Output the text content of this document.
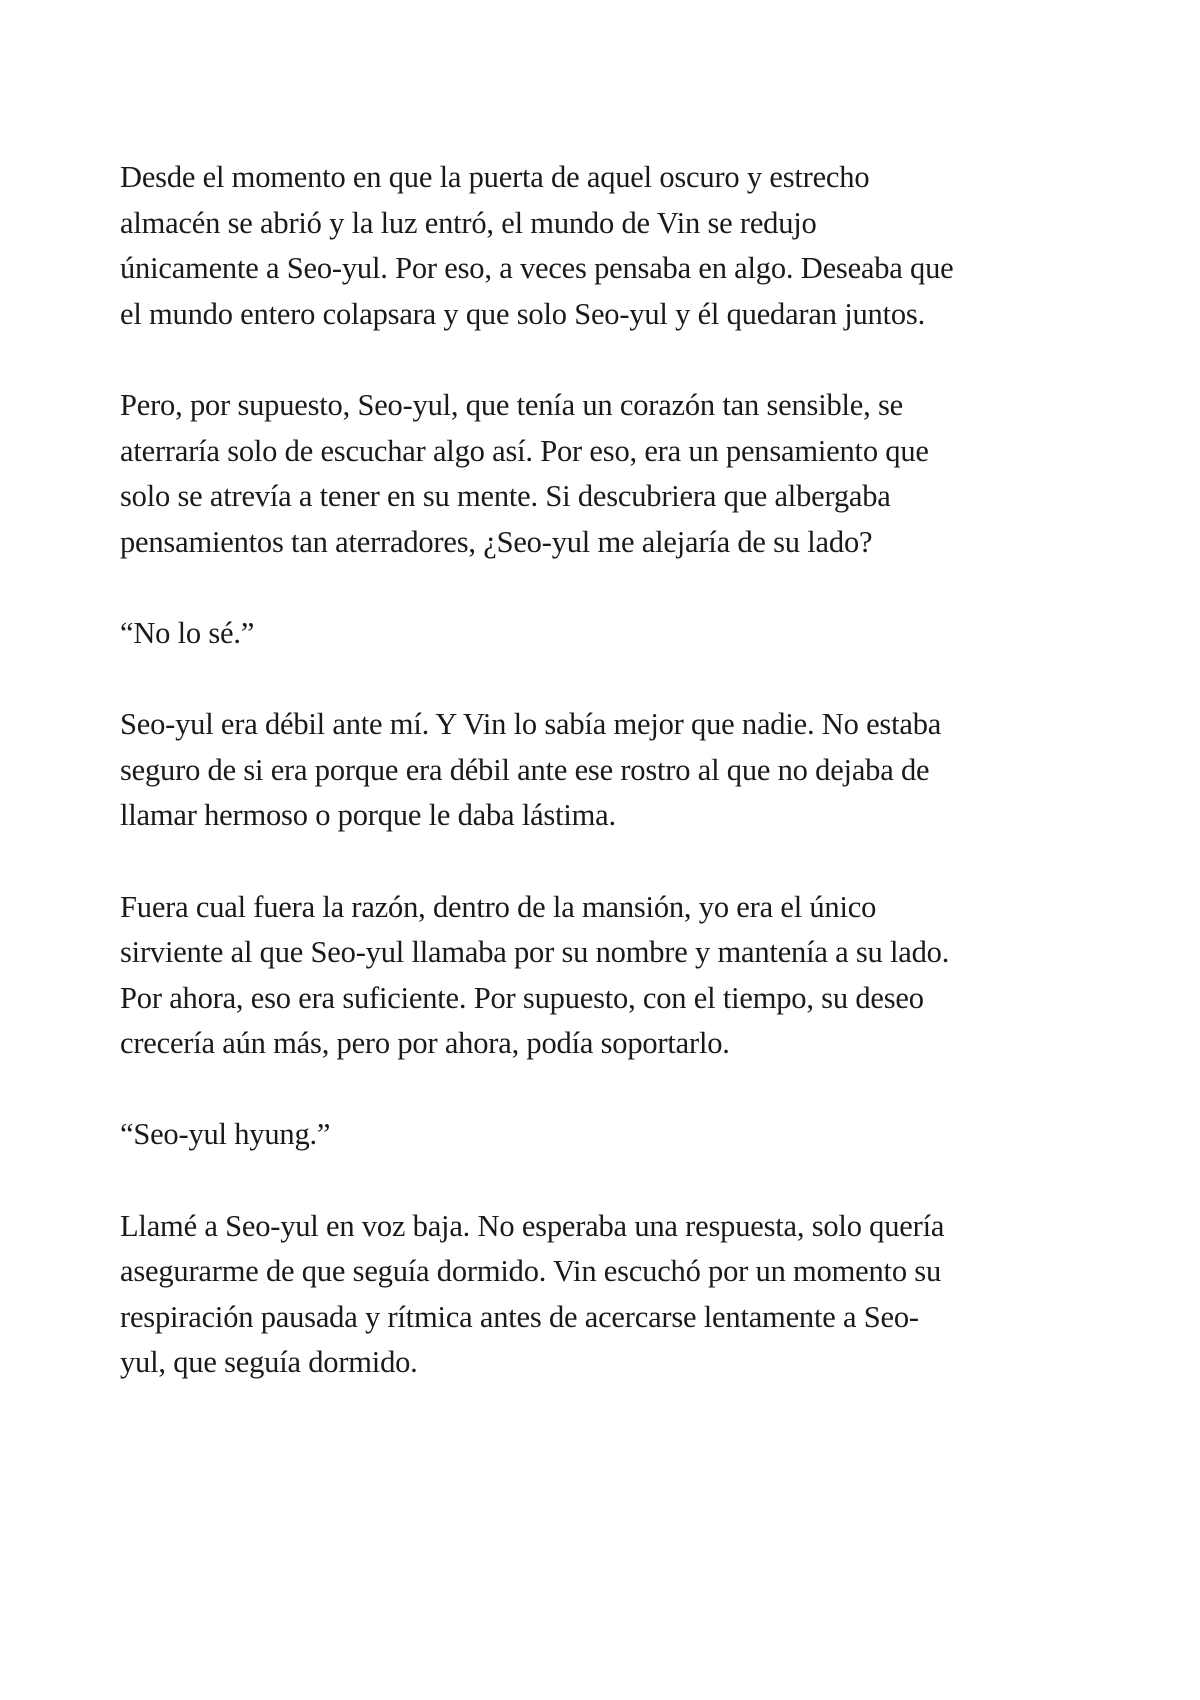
Desde el momento en que la puerta de aquel oscuro y estrecho
almacén se abrió y la luz entró, el mundo de Vin se redujo
únicamente a Seo-yul. Por eso, a veces pensaba en algo. Deseaba que
el mundo entero colapsara y que solo Seo-yul y él quedaran juntos.

Pero, por supuesto, Seo-yul, que tenía un corazón tan sensible, se
aterraría solo de escuchar algo así. Por eso, era un pensamiento que
solo se atrevía a tener en su mente. Si descubriera que albergaba
pensamientos tan aterradores, ¿Seo-yul me alejaría de su lado?

“No lo sé.”

Seo-yul era débil ante mí. Y Vin lo sabía mejor que nadie. No estaba
seguro de si era porque era débil ante ese rostro al que no dejaba de
llamar hermoso o porque le daba lástima.

Fuera cual fuera la razón, dentro de la mansión, yo era el único
sirviente al que Seo-yul llamaba por su nombre y mantenía a su lado.
Por ahora, eso era suficiente. Por supuesto, con el tiempo, su deseo
crecería aún más, pero por ahora, podía soportarlo.

“Seo-yul hyung.”

Llamé a Seo-yul en voz baja. No esperaba una respuesta, solo quería
asegurarme de que seguía dormido. Vin escuchó por un momento su
respiración pausada y rítmica antes de acercarse lentamente a Seo-
yul, que seguía dormido.
